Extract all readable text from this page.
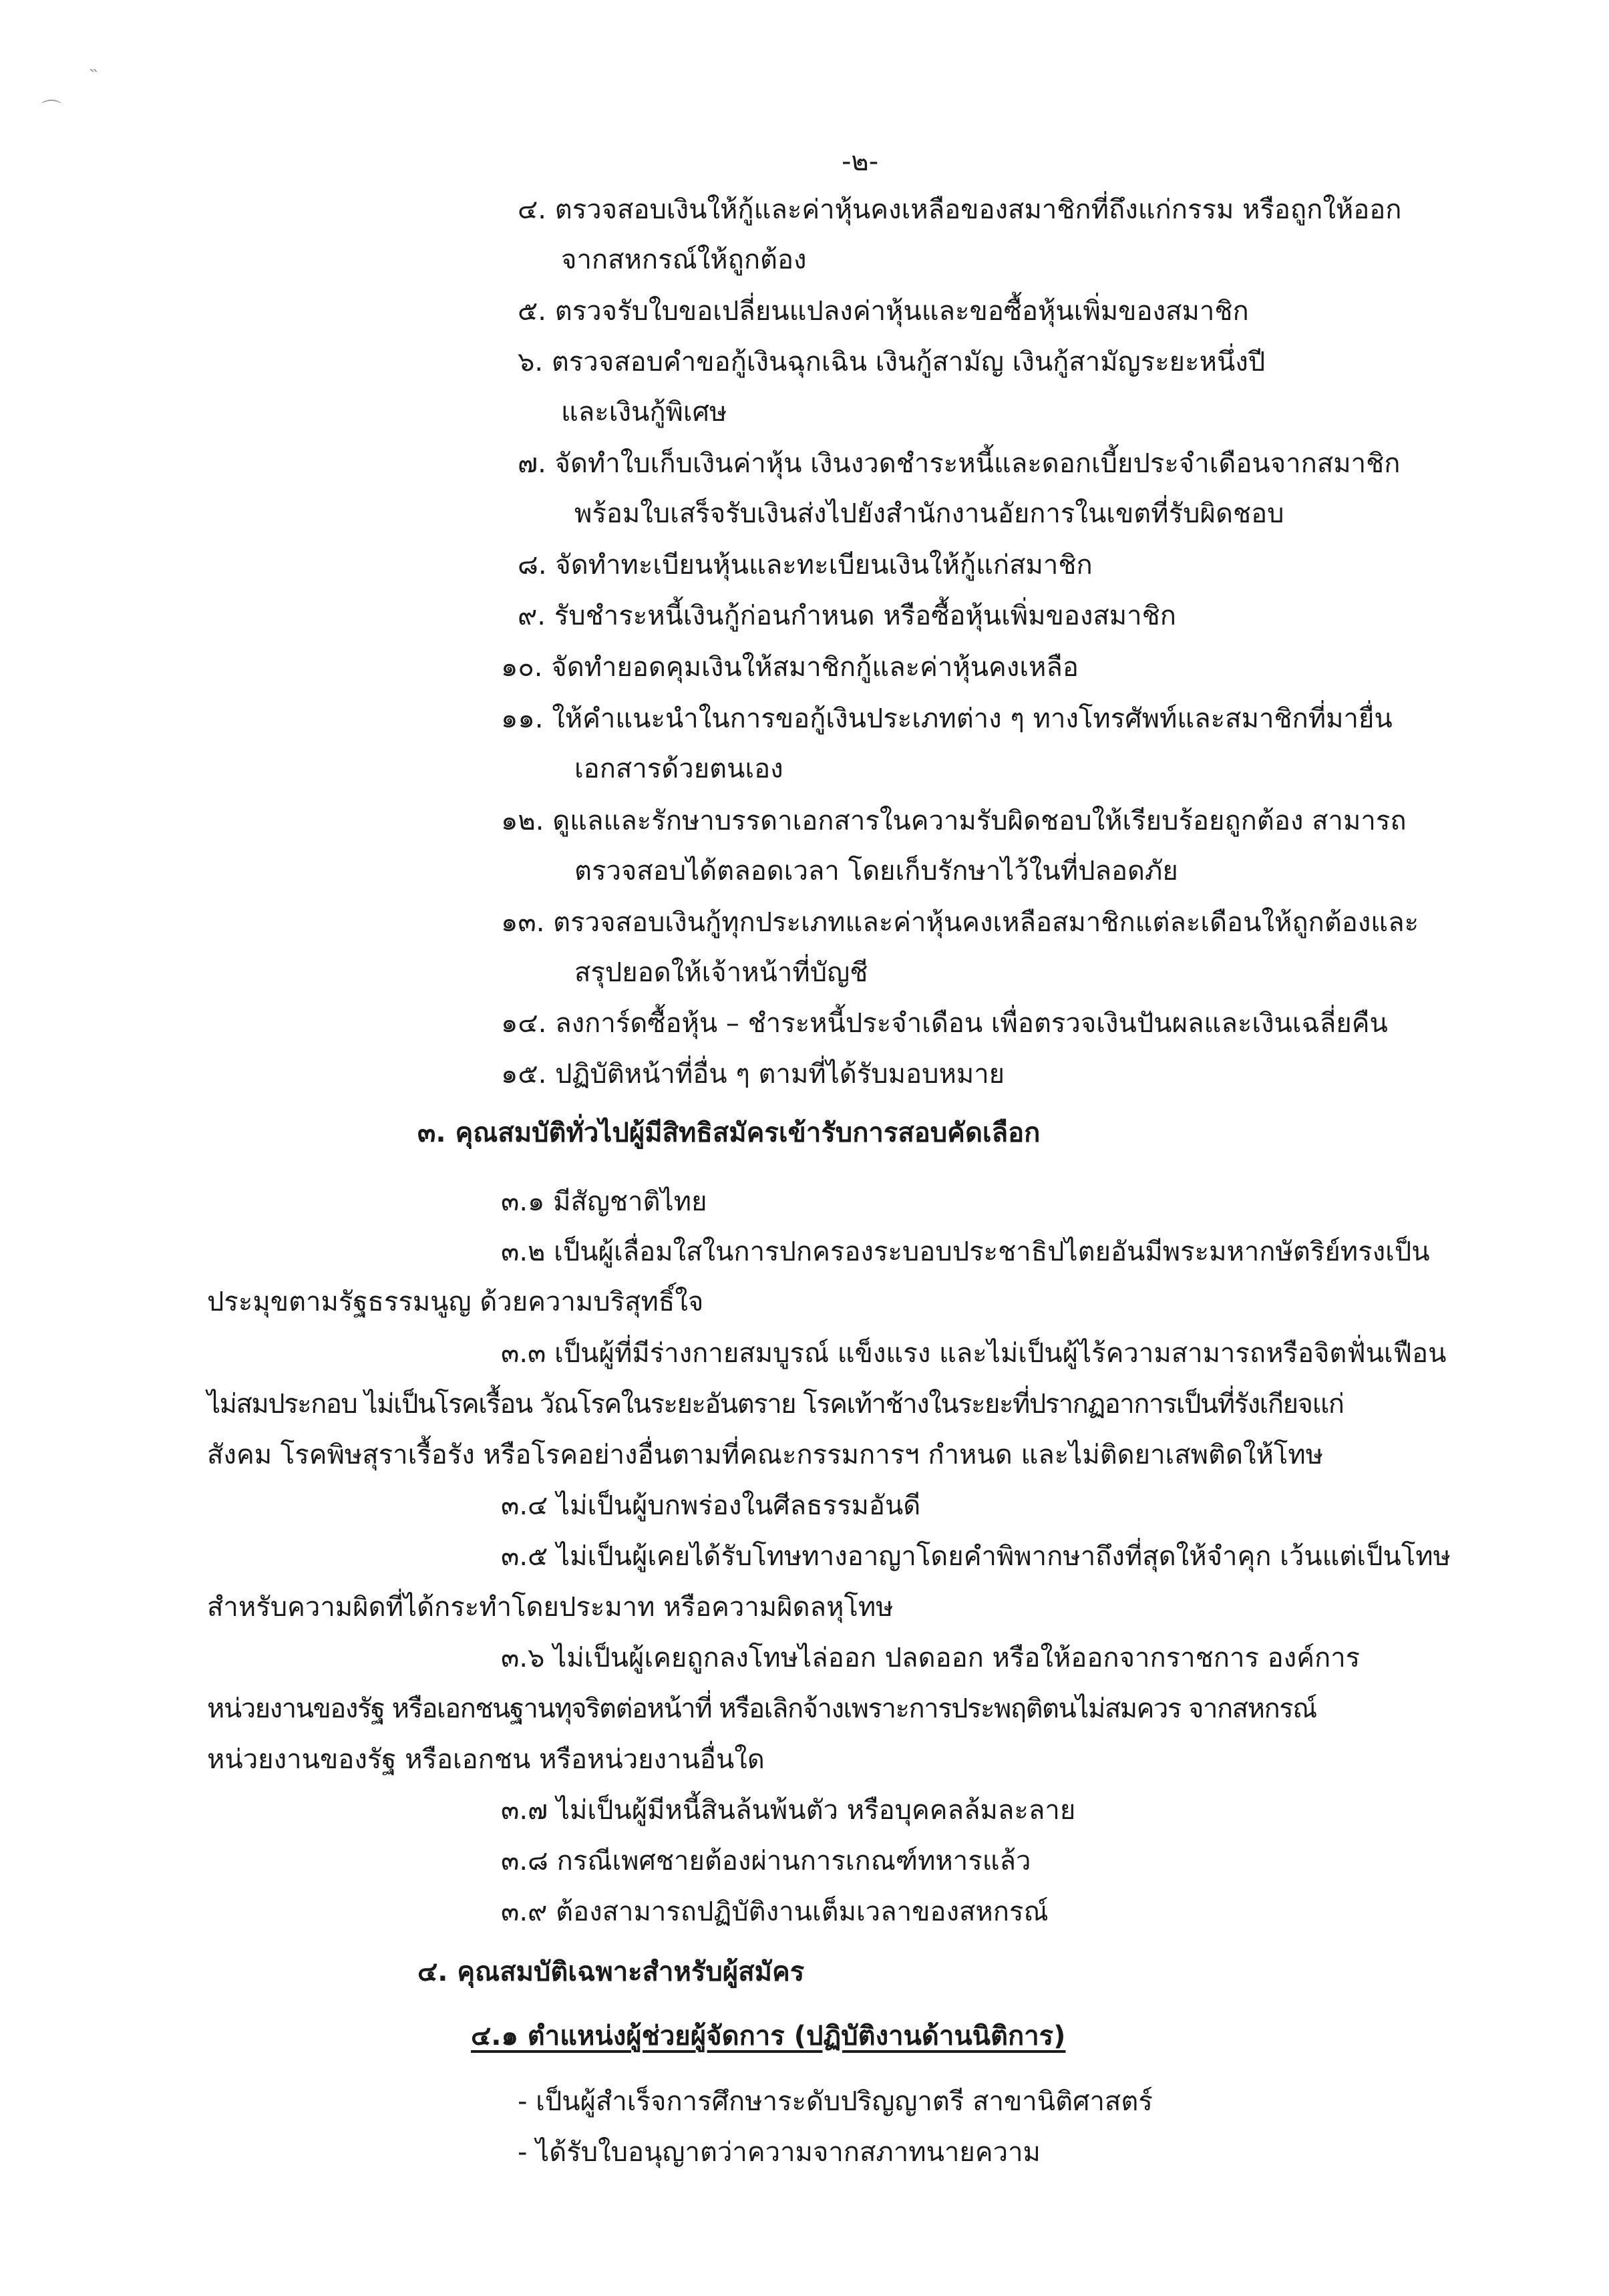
˵
⌒
-๒-
๔. ตรวจสอบเงินให้กู้และค่าหุ้นคงเหลือของสมาชิกที่ถึงแก่กรรม หรือถูกให้ออก
จากสหกรณ์ให้ถูกต้อง
๕. ตรวจรับใบขอเปลี่ยนแปลงค่าหุ้นและขอซื้อหุ้นเพิ่มของสมาชิก
๖. ตรวจสอบคำขอกู้เงินฉุกเฉิน เงินกู้สามัญ เงินกู้สามัญระยะหนึ่งปี
และเงินกู้พิเศษ
๗. จัดทำใบเก็บเงินค่าหุ้น เงินงวดชำระหนี้และดอกเบี้ยประจำเดือนจากสมาชิก
พร้อมใบเสร็จรับเงินส่งไปยังสำนักงานอัยการในเขตที่รับผิดชอบ
๘. จัดทำทะเบียนหุ้นและทะเบียนเงินให้กู้แก่สมาชิก
๙. รับชำระหนี้เงินกู้ก่อนกำหนด หรือซื้อหุ้นเพิ่มของสมาชิก
๑๐. จัดทำยอดคุมเงินให้สมาชิกกู้และค่าหุ้นคงเหลือ
๑๑. ให้คำแนะนำในการขอกู้เงินประเภทต่าง ๆ ทางโทรศัพท์และสมาชิกที่มายื่น
เอกสารด้วยตนเอง
๑๒. ดูแลและรักษาบรรดาเอกสารในความรับผิดชอบให้เรียบร้อยถูกต้อง สามารถ
ตรวจสอบได้ตลอดเวลา โดยเก็บรักษาไว้ในที่ปลอดภัย
๑๓. ตรวจสอบเงินกู้ทุกประเภทและค่าหุ้นคงเหลือสมาชิกแต่ละเดือนให้ถูกต้องและ
สรุปยอดให้เจ้าหน้าที่บัญชี
๑๔. ลงการ์ดซื้อหุ้น – ชำระหนี้ประจำเดือน เพื่อตรวจเงินปันผลและเงินเฉลี่ยคืน
๑๕. ปฏิบัติหน้าที่อื่น ๆ ตามที่ได้รับมอบหมาย
๓. คุณสมบัติทั่วไปผู้มีสิทธิสมัครเข้ารับการสอบคัดเลือก
๓.๑ มีสัญชาติไทย
๓.๒ เป็นผู้เลื่อมใสในการปกครองระบอบประชาธิปไตยอันมีพระมหากษัตริย์ทรงเป็น
ประมุขตามรัฐธรรมนูญ ด้วยความบริสุทธิ์ใจ
๓.๓ เป็นผู้ที่มีร่างกายสมบูรณ์ แข็งแรง และไม่เป็นผู้ไร้ความสามารถหรือจิตฟั่นเฟือน
ไม่สมประกอบ ไม่เป็นโรคเรื้อน วัณโรคในระยะอันตราย โรคเท้าช้างในระยะที่ปรากฏอาการเป็นที่รังเกียจแก่
สังคม โรคพิษสุราเรื้อรัง หรือโรคอย่างอื่นตามที่คณะกรรมการฯ กำหนด และไม่ติดยาเสพติดให้โทษ
๓.๔ ไม่เป็นผู้บกพร่องในศีลธรรมอันดี
๓.๕ ไม่เป็นผู้เคยได้รับโทษทางอาญาโดยคำพิพากษาถึงที่สุดให้จำคุก เว้นแต่เป็นโทษ
สำหรับความผิดที่ได้กระทำโดยประมาท หรือความผิดลหุโทษ
๓.๖ ไม่เป็นผู้เคยถูกลงโทษไล่ออก ปลดออก หรือให้ออกจากราชการ องค์การ
หน่วยงานของรัฐ หรือเอกชนฐานทุจริตต่อหน้าที่ หรือเลิกจ้างเพราะการประพฤติตนไม่สมควร จากสหกรณ์
หน่วยงานของรัฐ หรือเอกชน หรือหน่วยงานอื่นใด
๓.๗ ไม่เป็นผู้มีหนี้สินล้นพ้นตัว หรือบุคคลล้มละลาย
๓.๘ กรณีเพศชายต้องผ่านการเกณฑ์ทหารแล้ว
๓.๙ ต้องสามารถปฏิบัติงานเต็มเวลาของสหกรณ์
๔. คุณสมบัติเฉพาะสำหรับผู้สมัคร
๔.๑ ตำแหน่งผู้ช่วยผู้จัดการ (ปฏิบัติงานด้านนิติการ)
- เป็นผู้สำเร็จการศึกษาระดับปริญญาตรี สาขานิติศาสตร์
- ได้รับใบอนุญาตว่าความจากสภาทนายความ
